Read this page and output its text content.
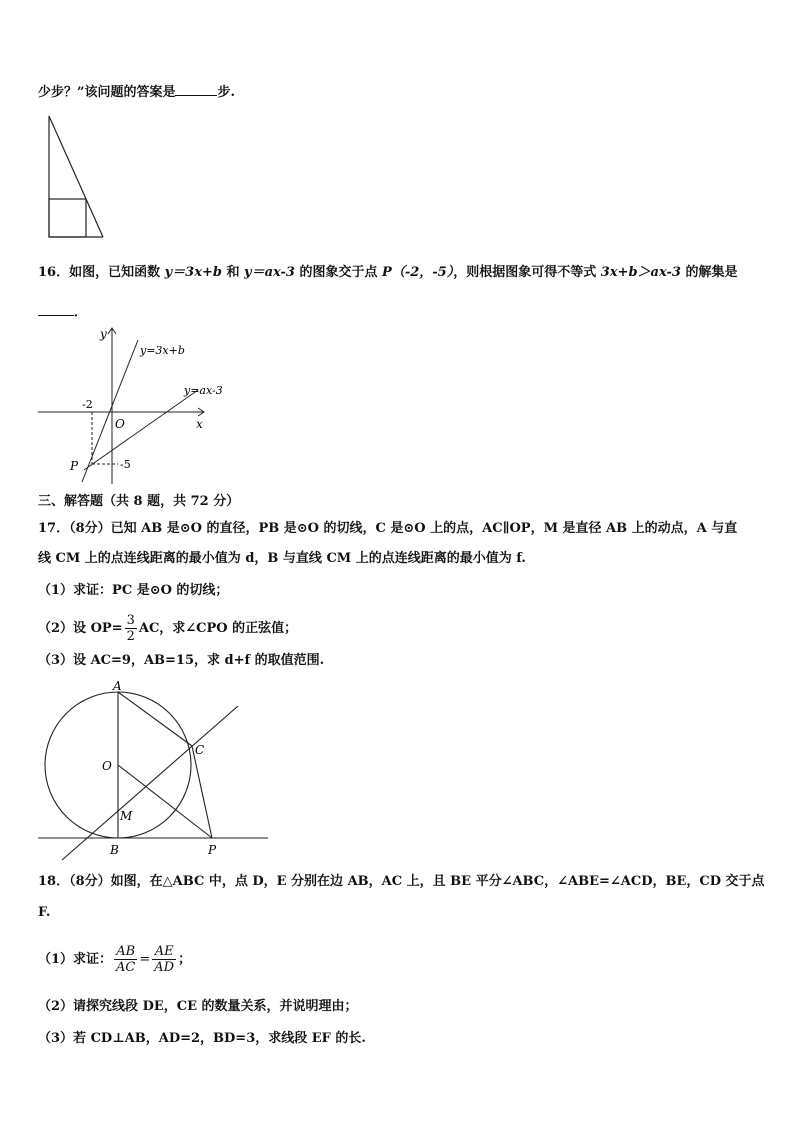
少步？”该问题的答案是	步.
16．如图，已知函数 y＝3x+b 和 y＝ax-3 的图象交于点 P（-2，-5），则根据图象可得不等式 3x+b＞ax-3 的解集是
．
y
x
O
y=3x+b
y=ax-3
-2
-5
P
三、解答题（共 8 题，共 72 分）
17．（8分）已知 AB 是⊙O 的直径，PB 是⊙O 的切线，C 是⊙O 上的点，AC∥OP，M 是直径 AB 上的动点，A 与直
线 CM 上的点连线距离的最小值为 d，B 与直线 CM 上的点连线距离的最小值为 f.
（1）求证：PC 是⊙O 的切线；
（2）设 $OP= \frac{3}{2}$ AC，求∠CPO 的正弦值；
（3）设 AC=9，AB=15，求 d+f 的取值范围.
A
O
C
M
B	P
18．（8分）如图，在△ABC 中，点 D，E 分别在边 AB，AC 上，且 BE 平分∠ABC，∠ABE=∠ACD，BE，CD 交于点
F.
（1）求证： $\frac{AB}{AC} = \frac{AE}{AD}$ ；
（2）请探究线段 DE，CE 的数量关系，并说明理由；
（3）若 CD⊥AB，AD=2，BD=3，求线段 EF 的长.
